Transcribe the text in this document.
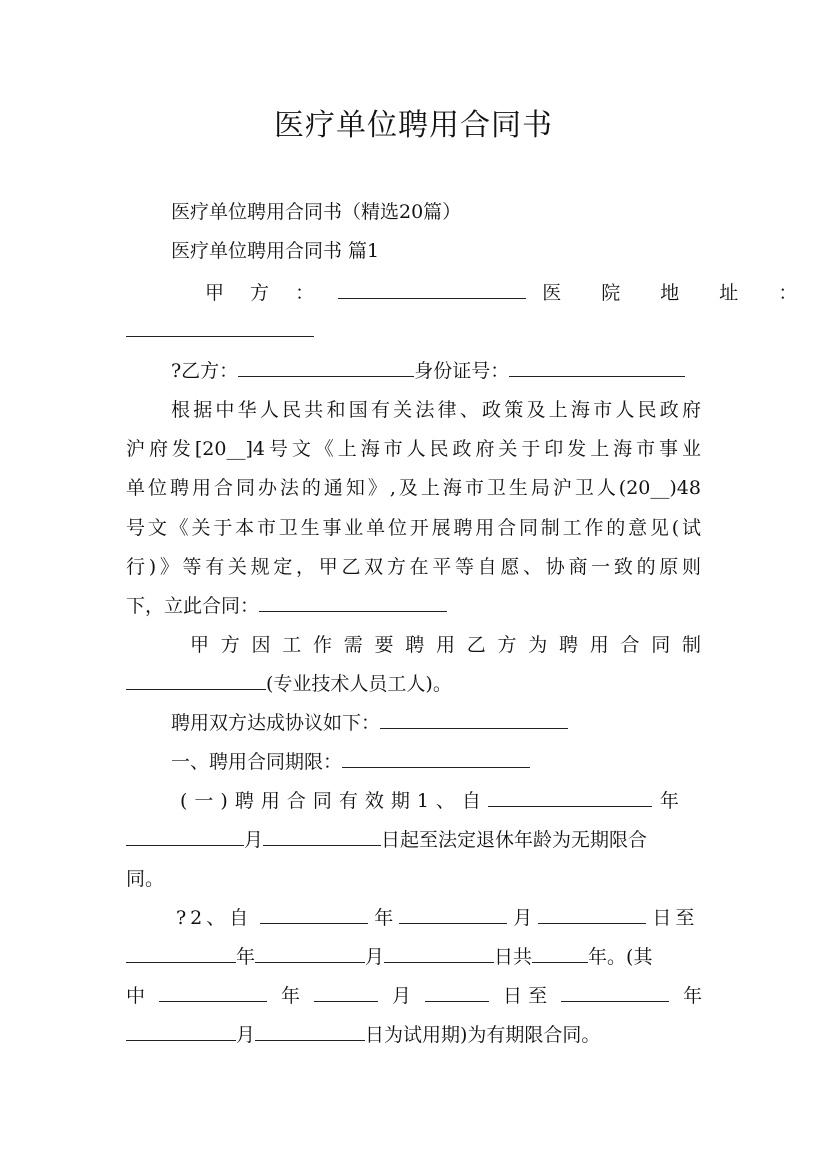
医疗单位聘用合同书
医疗单位聘用合同书（精选20篇）
医疗单位聘用合同书 篇1
甲 方 ：	医 院 地 址 ：
?乙方：	身份证号：
根据中华人民共和国有关法律、政策及上海市人民政府
沪府发[20__]4号文《上海市人民政府关于印发上海市事业
单位聘用合同办法的通知》,及上海市卫生局沪卫人(20__)48
号文《关于本市卫生事业单位开展聘用合同制工作的意见(试
行)》等有关规定，甲乙双方在平等自愿、协商一致的原则
下，立此合同：
甲方因工作需要聘用乙方为聘用合同制
(专业技术人员工人)。
聘用双方达成协议如下：
一、聘用合同期限：
(一)聘用合同有效期1、自	年
月	日起至法定退休年龄为无期限合
同。
?2、自	年	月	日至
年	月	日共	年。(其
中	年	月	日 至	年
月	日为试用期)为有期限合同。
